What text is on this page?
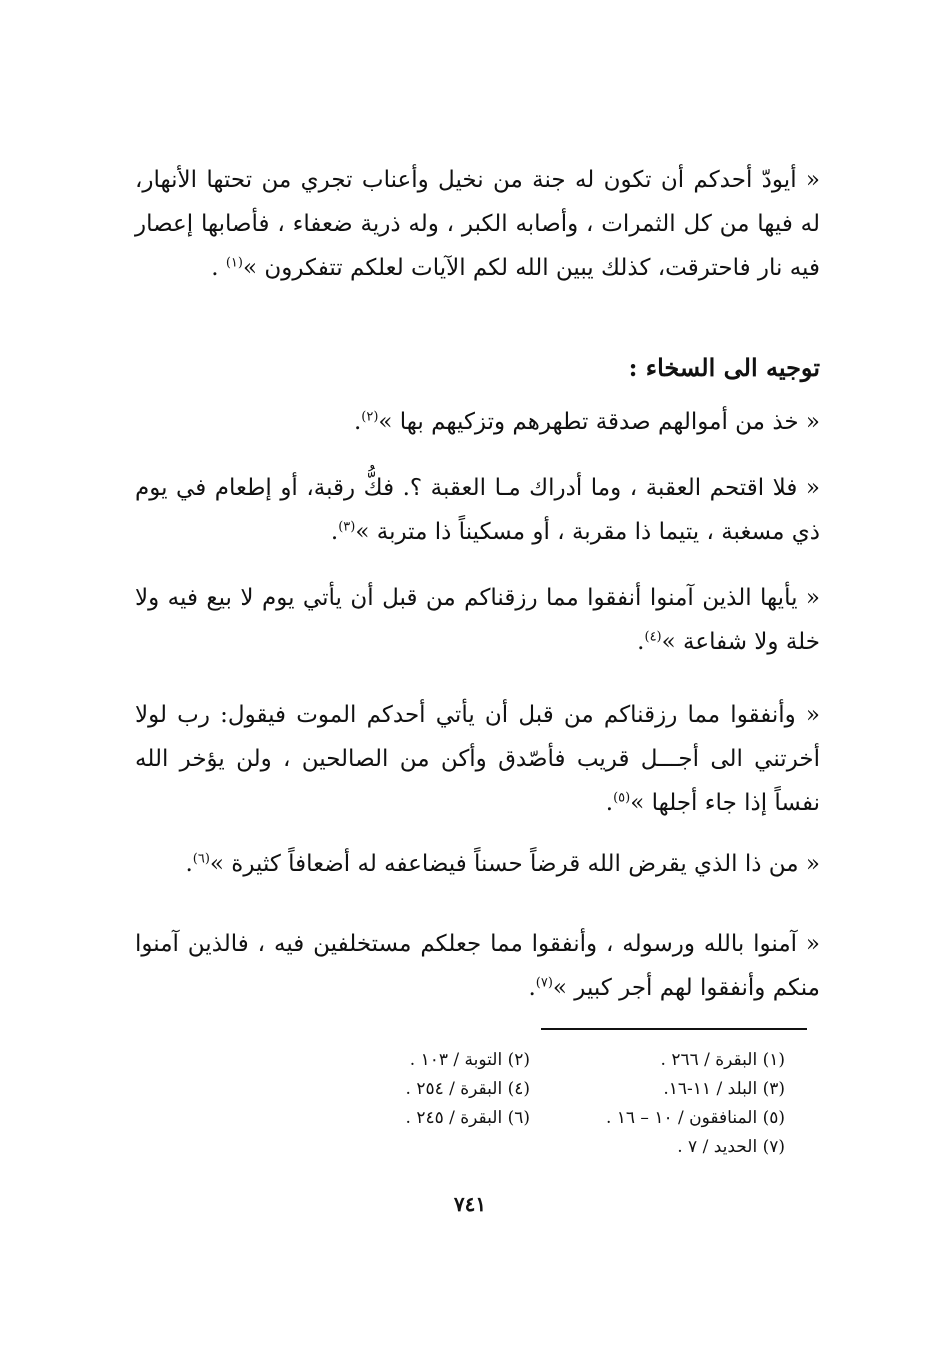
« أيودّ أحدكم أن تكون له جنة من نخيل وأعناب تجري من تحتها الأنهار، له فيها من كل الثمرات ، وأصابه الكبر ، وله ذرية ضعفاء ، فأصابها إعصار فيه نار فاحترقت، كذلك يبين الله لكم الآيات لعلكم تتفكرون »$^{(١)}$ .

توجيه الى السخاء :

« خذ من أموالهم صدقة تطهرهم وتزكيهم بها »$^{(٢)}$.

« فلا اقتحم العقبة ، وما أدراك مـا العقبة ؟. فكُّ رقبة، أو إطعام في يوم ذي مسغبة ، يتيما ذا مقربة ، أو مسكيناً ذا متربة »$^{(٣)}$.

« يأيها الذين آمنوا أنفقوا مما رزقناكم من قبل أن يأتي يوم لا بيع فيه ولا خلة ولا شفاعة »$^{(٤)}$.

« وأنفقوا مما رزقناكم من قبل أن يأتي أحدكم الموت فيقول: رب لولا أخرتني الى أجـــل قريب فأصّدق وأكن من الصالحين ، ولن يؤخر الله نفساً إذا جاء أجلها »$^{(٥)}$.

« من ذا الذي يقرض الله قرضاً حسناً فيضاعفه له أضعافاً كثيرة »$^{(٦)}$.

« آمنوا بالله ورسوله ، وأنفقوا مما جعلكم مستخلفين فيه ، فالذين آمنوا منكم وأنفقوا لهم أجر كبير »$^{(٧)}$.

(١) البقرة / ٢٦٦ .
(٢) التوبة / ١٠٣ .
(٣) البلد / ١١-١٦.
(٤) البقرة / ٢٥٤ .
(٥) المنافقون / ١٠ – ١٦ .
(٦) البقرة / ٢٤٥ .
(٧) الحديد / ٧ .
٧٤١
